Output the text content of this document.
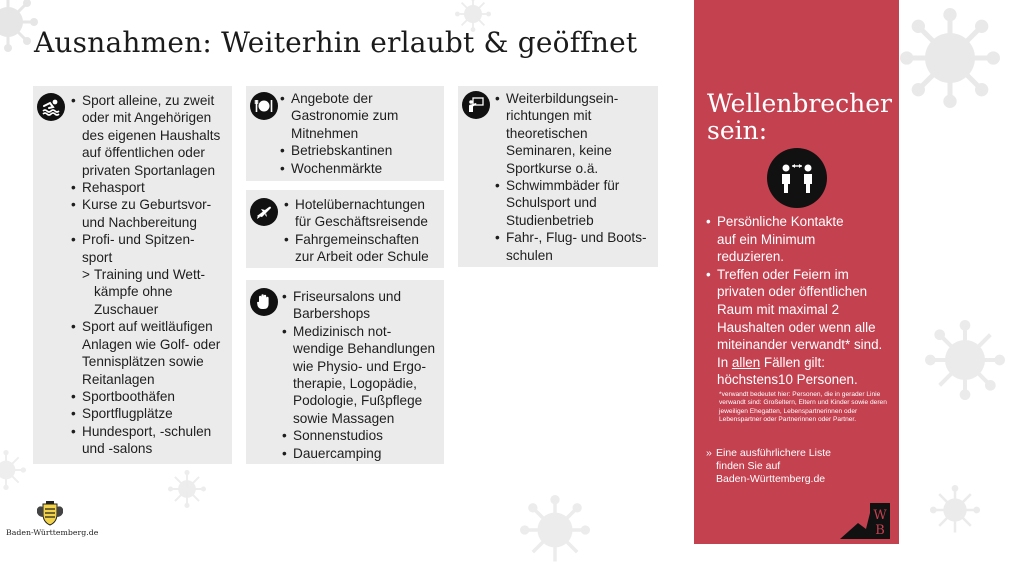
Ausnahmen: Weiterhin erlaubt & geöffnet
• Sport alleine, zu zweit
oder mit Angehörigen
des eigenen Haushalts
auf öffentlichen oder
privaten Sportanlagen
• Rehasport
• Kurse zu Geburtsvor-
und Nachbereitung
• Profi- und Spitzen-
sport
> Training und Wett-
kämpfe ohne
Zuschauer
• Sport auf weitläufigen
Anlagen wie Golf- oder
Tennisplätzen sowie
Reitanlagen
• Sportboothäfen
• Sportflugplätze
• Hundesport, -schulen
und -salons
• Angebote der
Gastronomie zum
Mitnehmen
• Betriebskantinen
• Wochenmärkte
• Hotelübernachtungen
für Geschäftsreisende
• Fahrgemeinschaften
zur Arbeit oder Schule
• Friseursalons und
Barbershops
• Medizinisch not-
wendige Behandlungen
wie Physio- und Ergo-
therapie, Logopädie,
Podologie, Fußpflege
sowie Massagen
• Sonnenstudios
• Dauercamping
• Weiterbildungsein-
richtungen mit
theoretischen
Seminaren, keine
Sportkurse o.ä.
• Schwimmbäder für
Schulsport und
Studienbetrieb
• Fahr-, Flug- und Boots-
schulen
Wellenbrecher
sein:
• Persönliche Kontakte
auf ein Minimum
reduzieren.
• Treffen oder Feiern im
privaten oder öffentlichen
Raum mit maximal 2
Haushalten oder wenn alle
miteinander verwandt* sind.
In allen Fällen gilt:
höchstens10 Personen.
*verwandt bedeutet hier: Personen, die in gerader Linie
verwandt sind: Großeltern, Eltern und Kinder sowie deren
jeweiligen Ehegatten, Lebenspartnerinnen oder
Lebenspartner oder Partnerinnen oder Partner.
» Eine ausführlichere Liste
finden Sie auf
Baden-Württemberg.de
W
B
Baden-Württemberg.de
